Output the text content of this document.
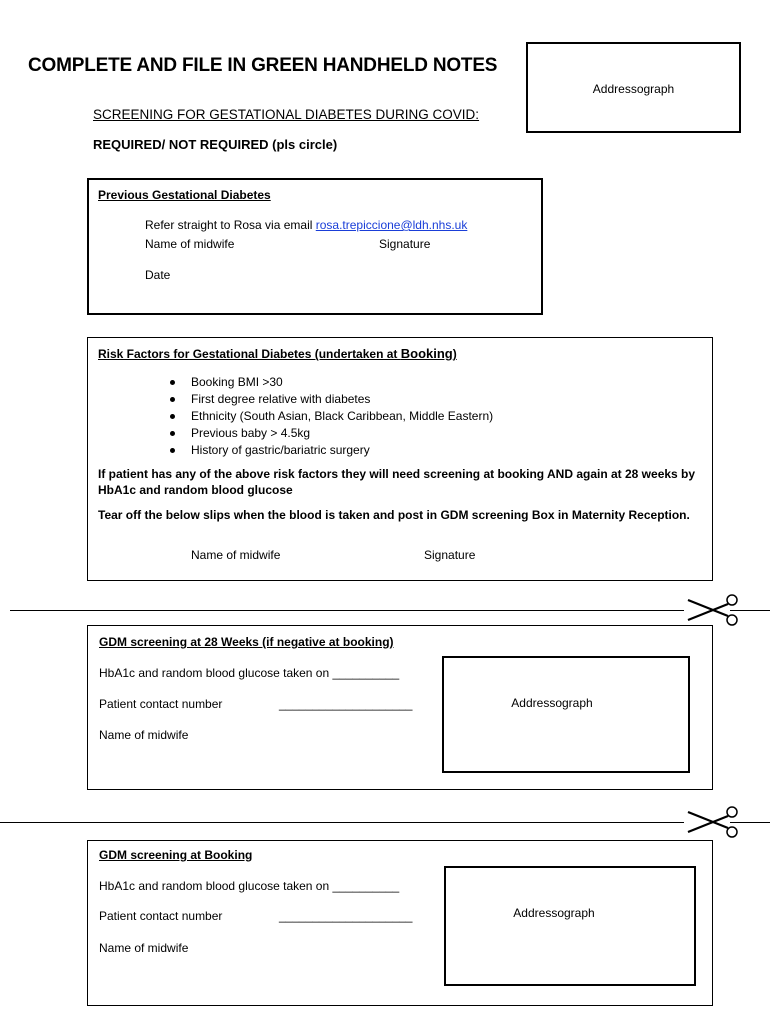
COMPLETE AND FILE IN GREEN HANDHELD NOTES
Addressograph
SCREENING FOR GESTATIONAL DIABETES DURING COVID:
REQUIRED/ NOT REQUIRED (pls circle)
Previous Gestational Diabetes
Refer straight to Rosa via email rosa.trepiccione@ldh.nhs.uk
Name of midwife	Signature
Date
Risk Factors for Gestational Diabetes (undertaken at Booking)
Booking BMI >30
First degree relative with diabetes
Ethnicity (South Asian, Black Caribbean, Middle Eastern)
Previous baby > 4.5kg
History of gastric/bariatric surgery
If patient has any of the above risk factors they will need screening at booking AND again at 28 weeks by HbA1c and random blood glucose
Tear off the below slips when the blood is taken and post in GDM screening Box in Maternity Reception.
Name of midwife	Signature
GDM screening at 28 Weeks (if negative at booking)
HbA1c and random blood glucose taken on __________
Patient contact number	____________________
Name of midwife
Addressograph
GDM screening at Booking
HbA1c and random blood glucose taken on __________
Patient contact number	____________________
Name of midwife
Addressograph
